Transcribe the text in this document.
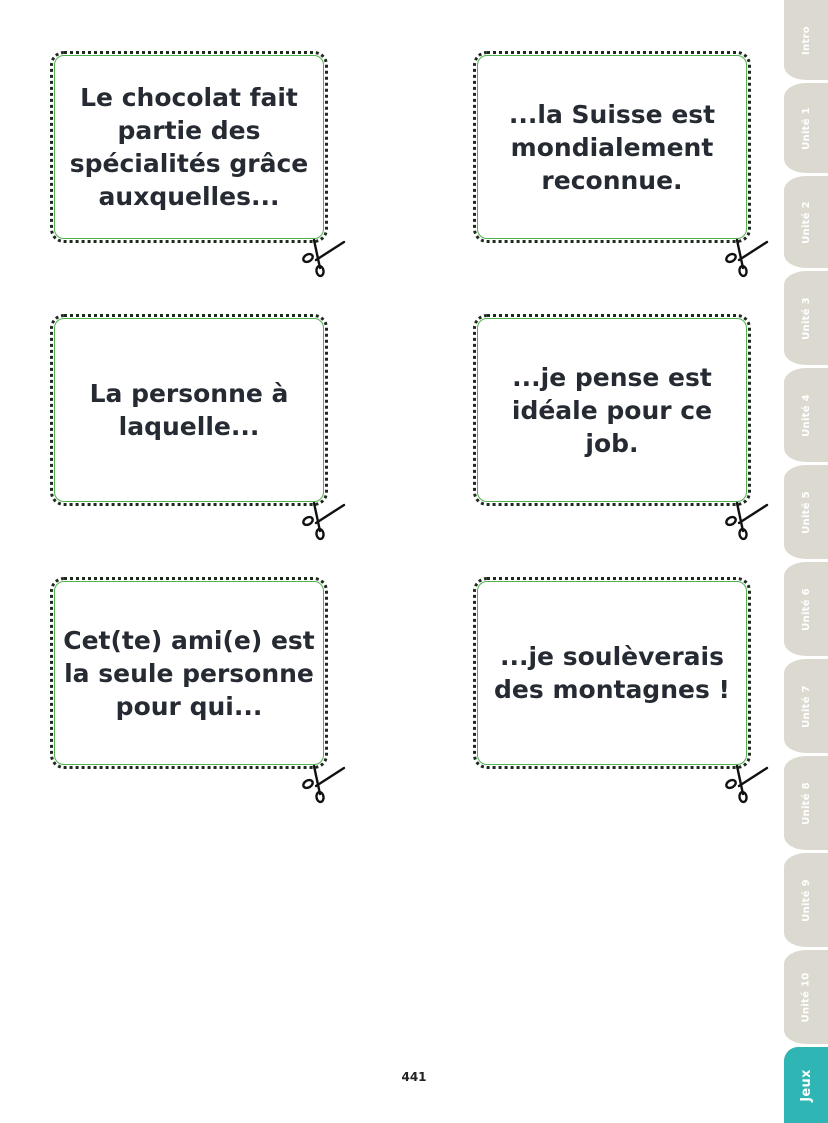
Le chocolat fait partie des spécialités grâce auxquelles...
...la Suisse est mondialement reconnue.
La personne à laquelle...
...je pense est idéale pour ce job.
Cet(te) ami(e) est la seule personne pour qui...
...je soulèverais des montagnes !
Intro
Unité 1
Unité 2
Unité 3
Unité 4
Unité 5
Unité 6
Unité 7
Unité 8
Unité 9
Unité 10
Jeux
441
